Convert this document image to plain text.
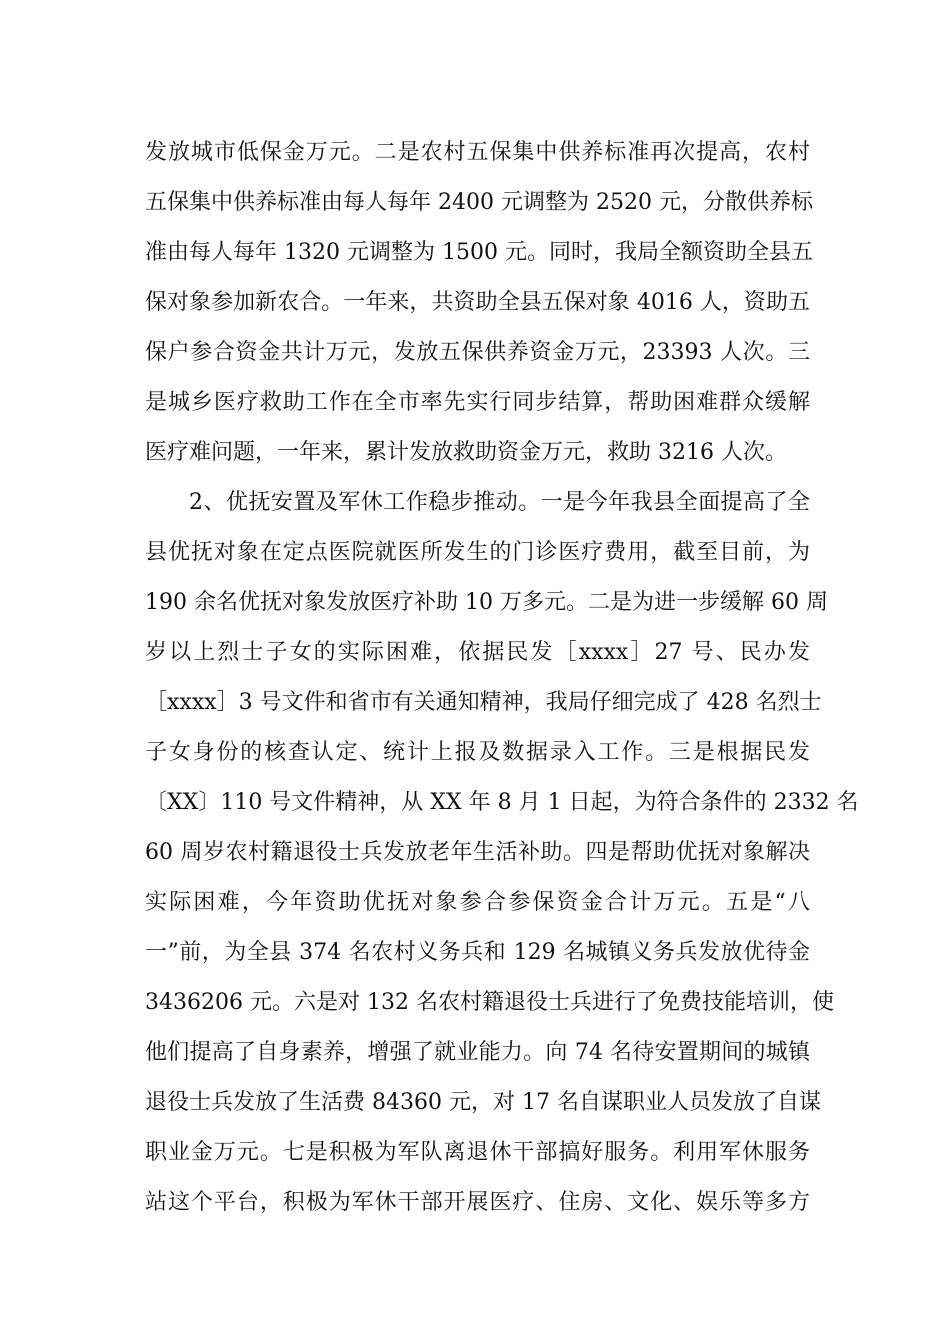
发放城市低保金万元。二是农村五保集中供养标准再次提高，农村
五保集中供养标准由每人每年 2400 元调整为 2520 元，分散供养标
准由每人每年 1320 元调整为 1500 元。同时，我局全额资助全县五
保对象参加新农合。一年来，共资助全县五保对象 4016 人，资助五
保户参合资金共计万元，发放五保供养资金万元，23393 人次。三
是城乡医疗救助工作在全市率先实行同步结算，帮助困难群众缓解
医疗难问题，一年来，累计发放救助资金万元，救助 3216 人次。
2、优抚安置及军休工作稳步推动。一是今年我县全面提高了全
县优抚对象在定点医院就医所发生的门诊医疗费用，截至目前，为
190 余名优抚对象发放医疗补助 10 万多元。二是为进一步缓解 60 周
岁以上烈士子女的实际困难，依据民发［xxxx］27 号、民办发
［xxxx］3 号文件和省市有关通知精神，我局仔细完成了 428 名烈士
子女身份的核查认定、统计上报及数据录入工作。三是根据民发
〔XX〕110 号文件精神，从 XX 年 8 月 1 日起，为符合条件的 2332 名
60 周岁农村籍退役士兵发放老年生活补助。四是帮助优抚对象解决
实际困难，今年资助优抚对象参合参保资金合计万元。五是“八
一”前，为全县 374 名农村义务兵和 129 名城镇义务兵发放优待金
3436206 元。六是对 132 名农村籍退役士兵进行了免费技能培训，使
他们提高了自身素养，增强了就业能力。向 74 名待安置期间的城镇
退役士兵发放了生活费 84360 元，对 17 名自谋职业人员发放了自谋
职业金万元。七是积极为军队离退休干部搞好服务。利用军休服务
站这个平台，积极为军休干部开展医疗、住房、文化、娱乐等多方
